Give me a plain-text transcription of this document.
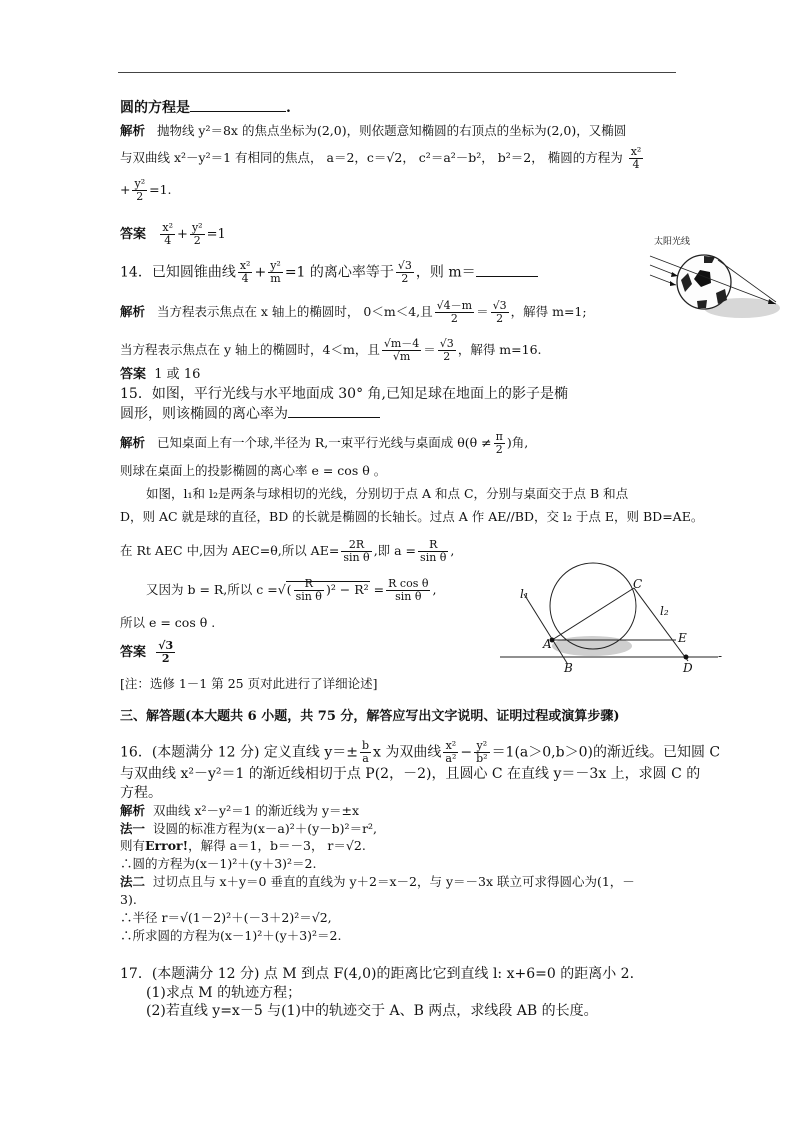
圆的方程是	.
解析 抛物线 y²＝8x 的焦点坐标为(2,0)，则依题意知椭圆的右顶点的坐标为(2,0)，又椭圆
与双曲线 x²－y²＝1 有相同的焦点， a＝2，c＝√2， c²＝a²－b²， b²＝2， 椭圆的方程为 $\frac{\text{x²}}{4}$
+ $\frac{\text{y²}}{2} =1$.
答案 $\frac{\text{x²}}{4} + \frac{\text{y²}}{2} =1$
14．已知圆锥曲线 $\frac{\text{x²}}{4} + \frac{\text{y²}}{m} =1$ 的离心率等于 $\frac{√3}{2}$ ，则 m＝
解析 当方程表示焦点在 x 轴上的椭圆时， 0＜m＜4,且 $\frac{√4-m}{2} = \frac{√3}{2}$ ，解得 m=1;
当方程表示焦点在 y 轴上的椭圆时，4＜m，且 $\frac{√m-4}{√m} = \frac{√3}{2}$ ，解得 m=16.
答案 1 或 16
太阳光线
15．如图，平行光线与水平地面成 30° 角,已知足球在地面上的影子是椭
圆形，则该椭圆的离心率为
解析 已知桌面上有一个球,半径为 R,一束平行光线与桌面成 $\theta(\theta \ne \frac{\pi}{2}$ )角,
则球在桌面上的投影椭圆的离心率 e = cos θ 。
如图，l₁和 l₂是两条与球相切的光线，分别切于点 A 和点 C，分别与桌面交于点 B 和点
D，则 AC 就是球的直径，BD 的长就是椭圆的长轴长。过点 A 作 AE//BD，交 l₂ 于点 E，则 BD=AE。
在 Rt AEC 中,因为 AEC=θ,所以 $AE= \frac{2R}{\text{sin θ}}$ ,即 $a = \frac{R}{\text{sin θ}}$ ,
又因为 b = R,所以 c =√( $\frac{R}{\text{sin θ}} )^2 - R^2 = \frac{\text{R cos θ}}{\text{sin θ}}$ ,
所以 e = cos θ .
答案 $\frac{√3}{2}$
[注：选修 1－1 第 25 页对此进行了详细论述]
l₁
C
l₂
A	E
B	D
-
三、解答题(本大题共 6 小题，共 75 分，解答应写出文字说明、证明过程或演算步骤)
16．(本题满分 12 分) 定义直线 $y=\pm \frac{b}{a}$ x 为双曲线 $\frac{\text{x²}}{\text{a²}} - \frac{\text{y²}}{\text{b²}} =1(a>0,b>0)$的渐近线。已知圆 C
与双曲线 x²－y²＝1 的渐近线相切于点 P(2，－2)，且圆心 C 在直线 y＝－3x 上，求圆 C 的
方程。
解析 双曲线 x²－y²＝1 的渐近线为 y＝±x
法一 设圆的标准方程为(x－a)²＋(y－b)²＝r²,
则有Error!，解得 a＝1，b＝－3， r＝√2.
∴圆的方程为(x－1)²＋(y＋3)²＝2.
法二 过切点且与 x＋y＝0 垂直的直线为 y＋2＝x－2，与 y＝－3x 联立可求得圆心为(1，－
3).
∴半径 r＝√(1－2)²＋(－3＋2)²＝√2,
∴所求圆的方程为(x－1)²＋(y＋3)²＝2.
17．(本题满分 12 分) 点 M 到点 F(4,0)的距离比它到直线 l: x+6=0 的距离小 2.
(1)求点 M 的轨迹方程；
(2)若直线 y=x－5 与(1)中的轨迹交于 A、B 两点，求线段 AB 的长度。
